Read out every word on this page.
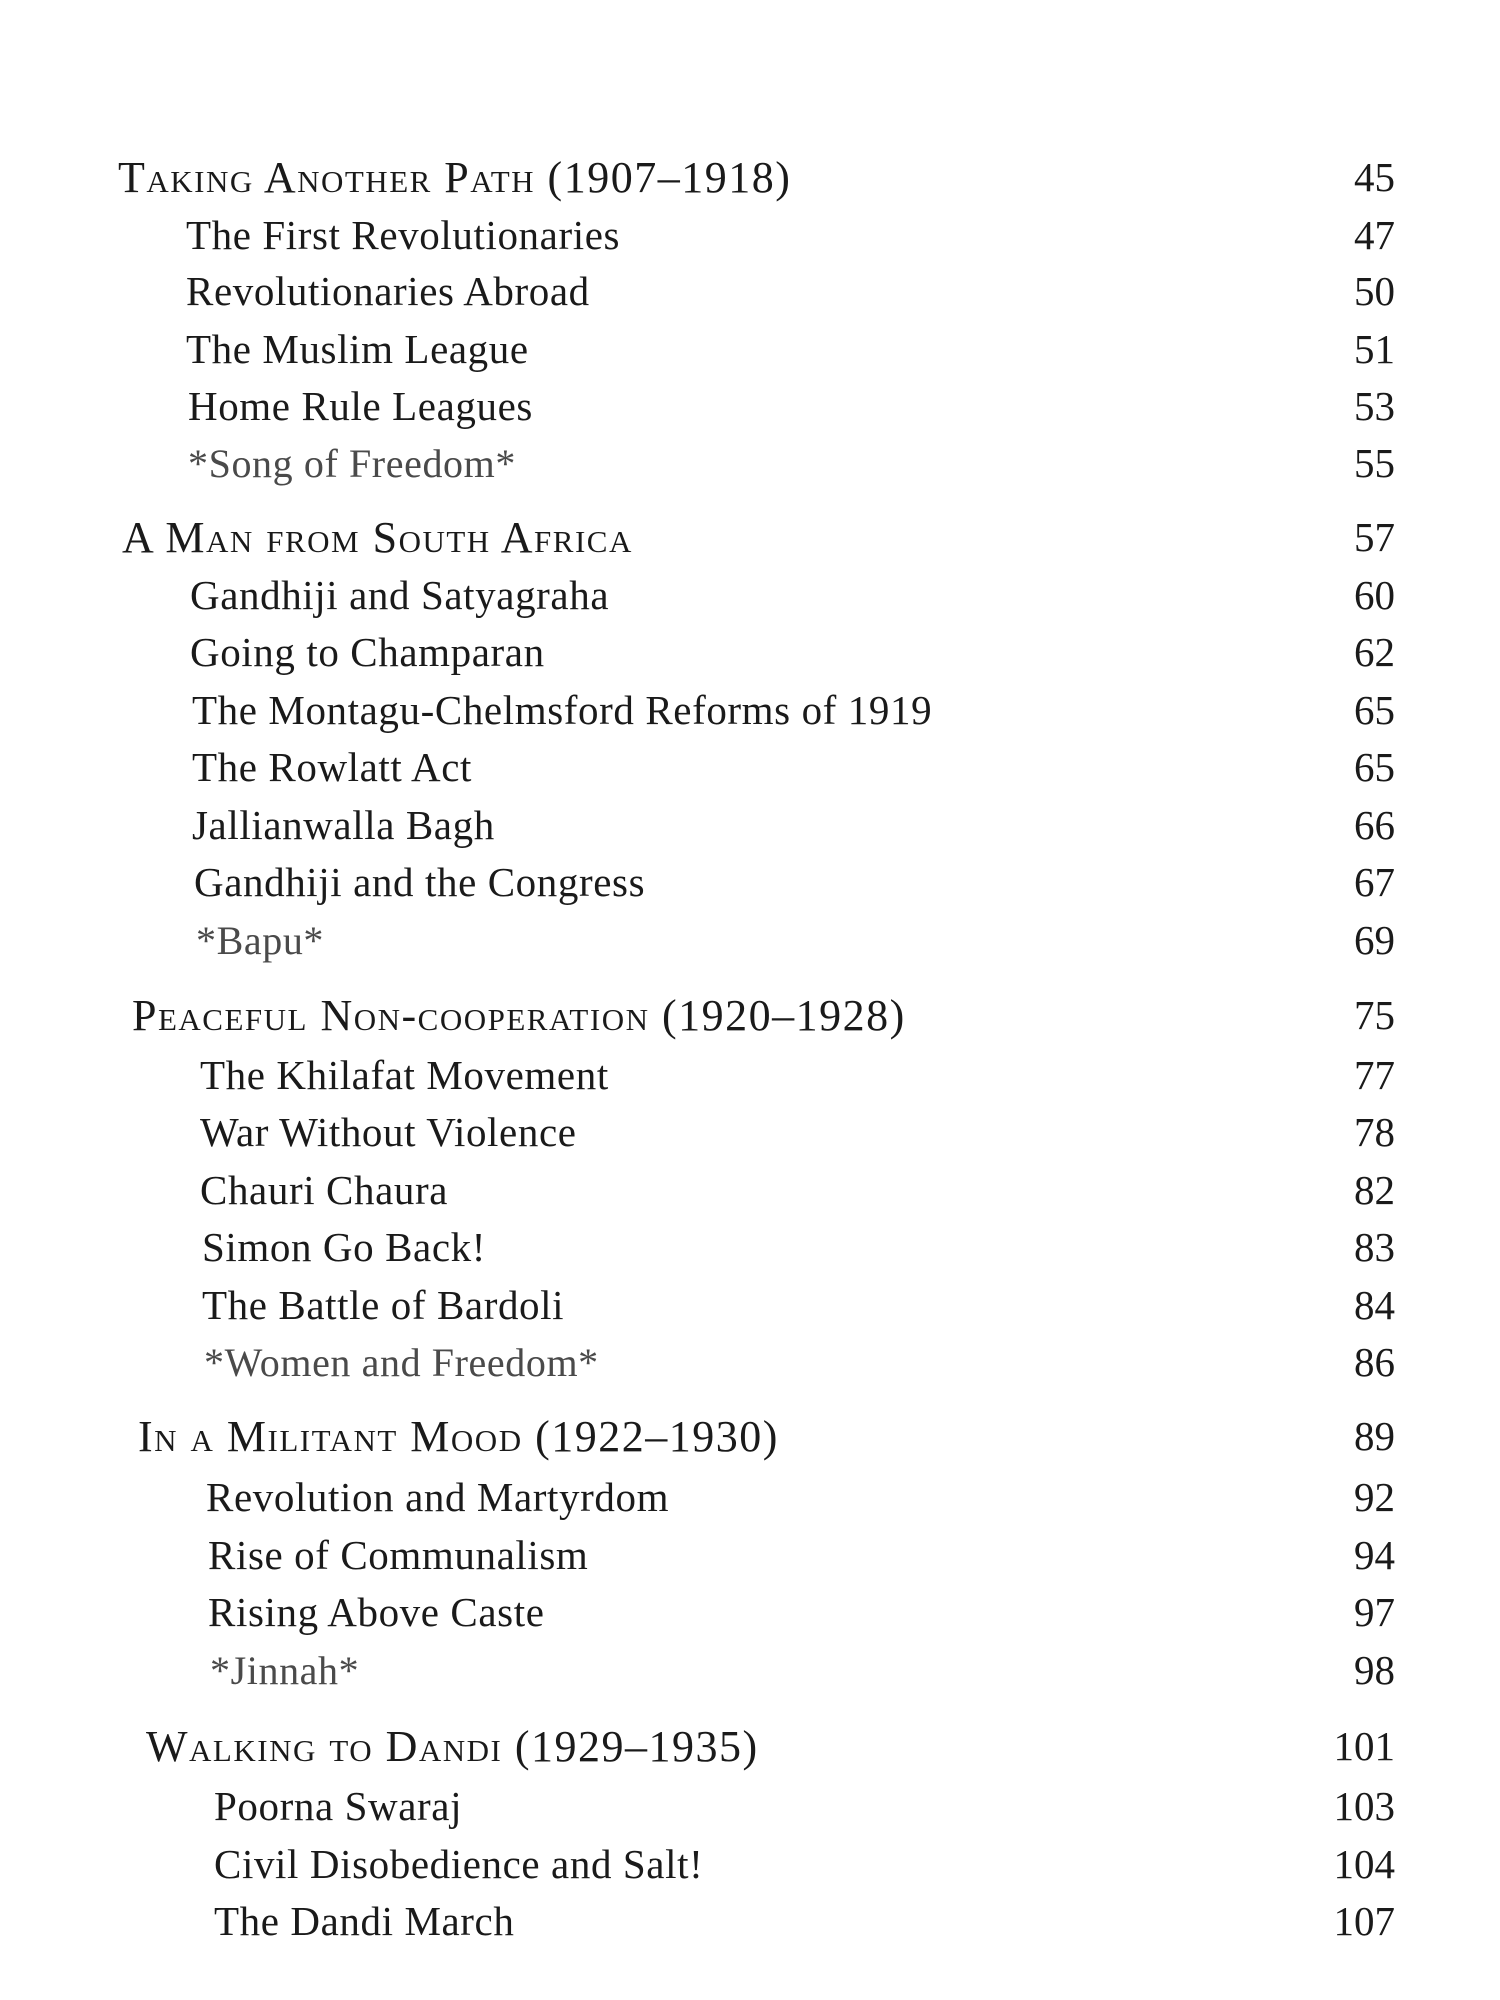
Taking Another Path (1907–1918)	45
The First Revolutionaries	47
Revolutionaries Abroad	50
The Muslim League	51
Home Rule Leagues	53
*Song of Freedom*	55
A Man from South Africa	57
Gandhiji and Satyagraha	60
Going to Champaran	62
The Montagu-Chelmsford Reforms of 1919	65
The Rowlatt Act	65
Jallianwalla Bagh	66
Gandhiji and the Congress	67
*Bapu*	69
Peaceful Non-cooperation (1920–1928)	75
The Khilafat Movement	77
War Without Violence	78
Chauri Chaura	82
Simon Go Back!	83
The Battle of Bardoli	84
*Women and Freedom*	86
In a Militant Mood (1922–1930)	89
Revolution and Martyrdom	92
Rise of Communalism	94
Rising Above Caste	97
*Jinnah*	98
Walking to Dandi (1929–1935)	101
Poorna Swaraj	103
Civil Disobedience and Salt!	104
The Dandi March	107
